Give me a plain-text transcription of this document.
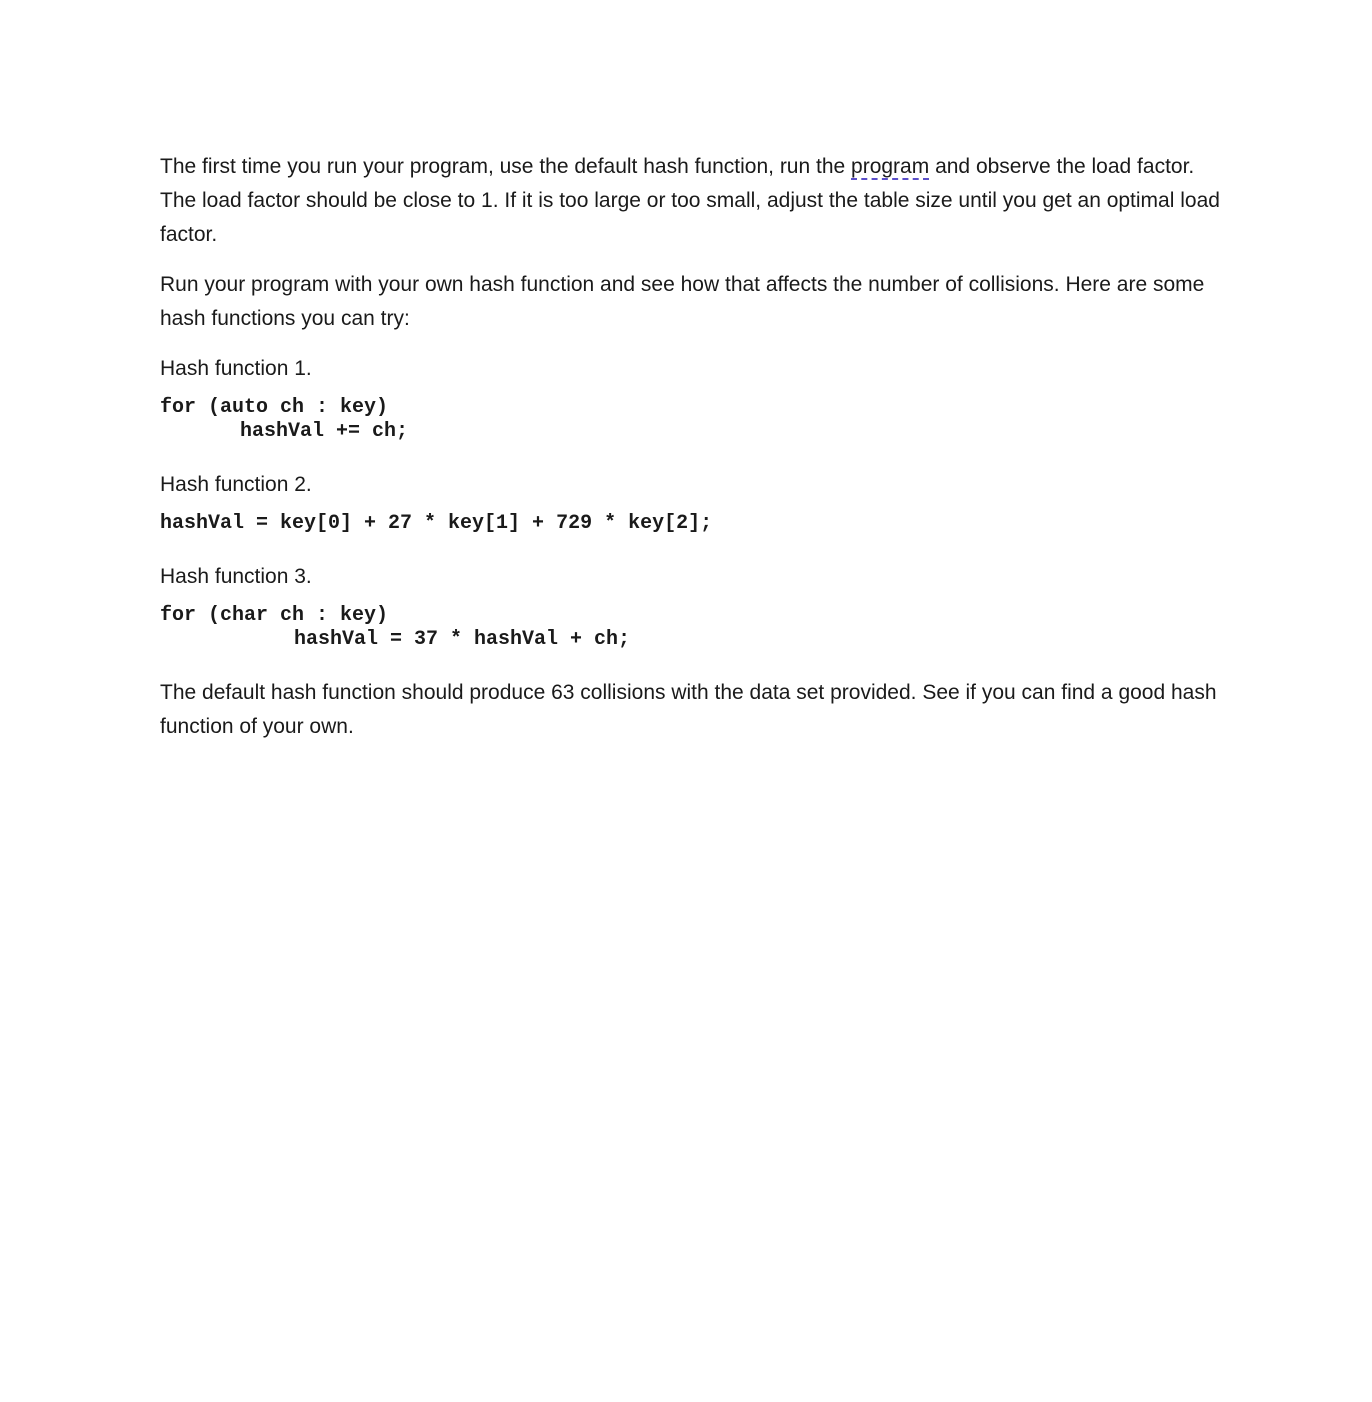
The first time you run your program, use the default hash function, run the program and observe the load factor. The load factor should be close to 1. If it is too large or too small, adjust the table size until you get an optimal load factor.

Run your program with your own hash function and see how that affects the number of collisions. Here are some hash functions you can try:

Hash function 1.

for (auto ch : key)
hashVal += ch;

Hash function 2.

hashVal = key[0] + 27 * key[1] + 729 * key[2];

Hash function 3.

for (char ch : key)
hashVal = 37 * hashVal + ch;

The default hash function should produce 63 collisions with the data set provided. See if you can find a good hash function of your own.
